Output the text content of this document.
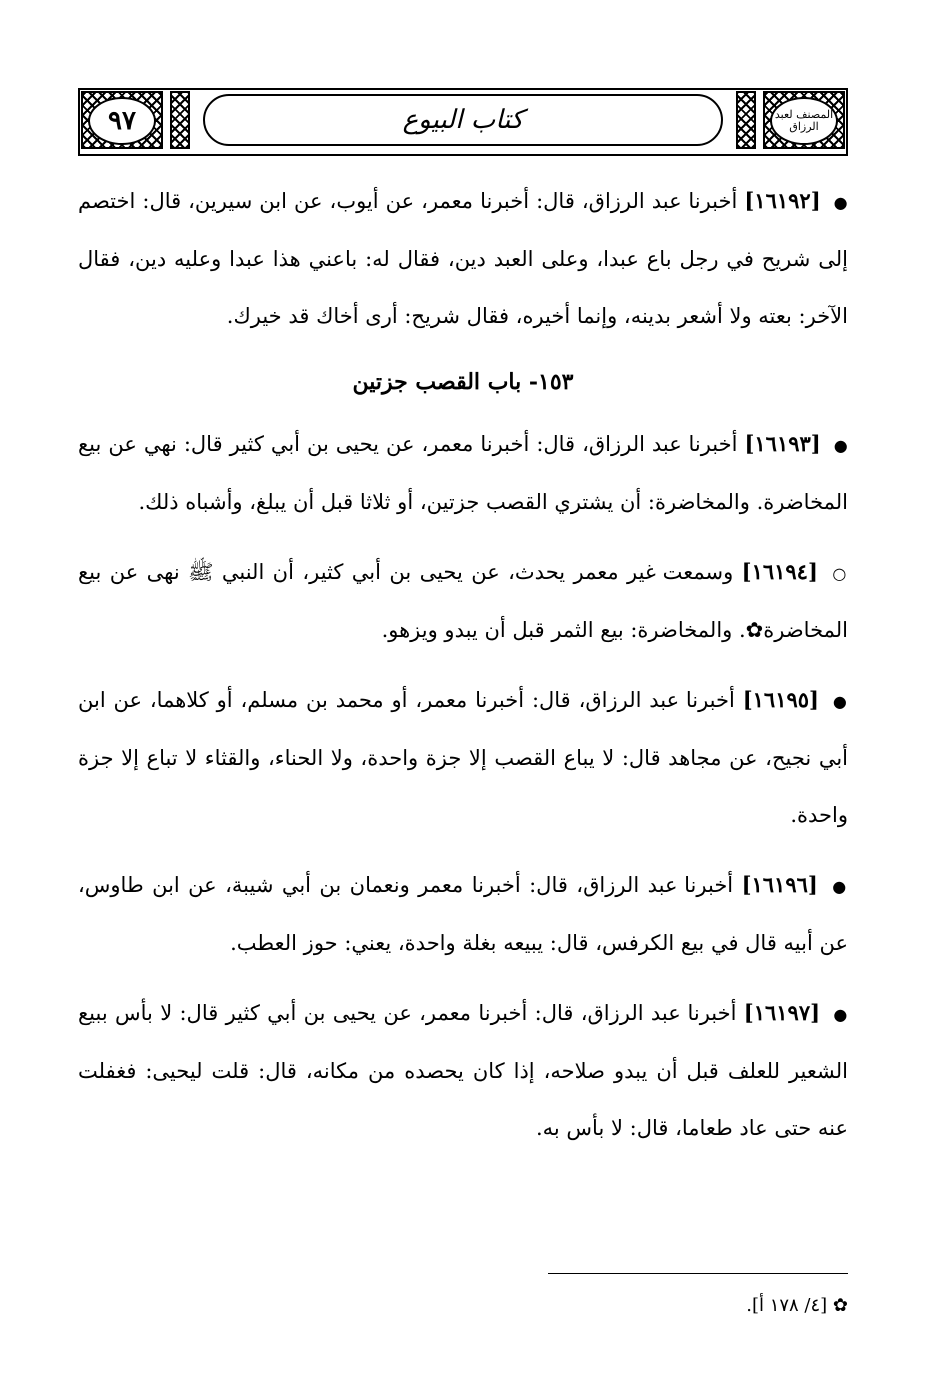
٩٧	المصنف لعبد الرزاق
كتاب البيوع

● [١٦١٩٢] أخبرنا عبد الرزاق، قال: أخبرنا معمر، عن أيوب، عن ابن سيرين، قال: اختصم إلى شريح في رجل باع عبدا، وعلى العبد دين، فقال له: باعني هذا عبدا وعليه دين، فقال الآخر: بعته ولا أشعر بدينه، وإنما أخيره، فقال شريح: أرى أخاك قد خيرك.

١٥٣- باب القصب جزتين

● [١٦١٩٣] أخبرنا عبد الرزاق، قال: أخبرنا معمر، عن يحيى بن أبي كثير قال: نهي عن بيع المخاضرة. والمخاضرة: أن يشتري القصب جزتين، أو ثلاثا قبل أن يبلغ، وأشباه ذلك.

○ [١٦١٩٤] وسمعت غير معمر يحدث، عن يحيى بن أبي كثير، أن النبي ﷺ نهى عن بيع المخاضرة✿. والمخاضرة: بيع الثمر قبل أن يبدو ويزهو.

● [١٦١٩٥] أخبرنا عبد الرزاق، قال: أخبرنا معمر، أو محمد بن مسلم، أو كلاهما، عن ابن أبي نجيح، عن مجاهد قال: لا يباع القصب إلا جزة واحدة، ولا الحناء، والقثاء لا تباع إلا جزة واحدة.

● [١٦١٩٦] أخبرنا عبد الرزاق، قال: أخبرنا معمر ونعمان بن أبي شيبة، عن ابن طاوس، عن أبيه قال في بيع الكرفس، قال: يبيعه بغلة واحدة، يعني: حوز العطب.

● [١٦١٩٧] أخبرنا عبد الرزاق، قال: أخبرنا معمر، عن يحيى بن أبي كثير قال: لا بأس ببيع الشعير للعلف قبل أن يبدو صلاحه، إذا كان يحصده من مكانه، قال: قلت ليحيى: فغفلت عنه حتى عاد طعاما، قال: لا بأس به.

✿ [٤/ ١٧٨ أ].
